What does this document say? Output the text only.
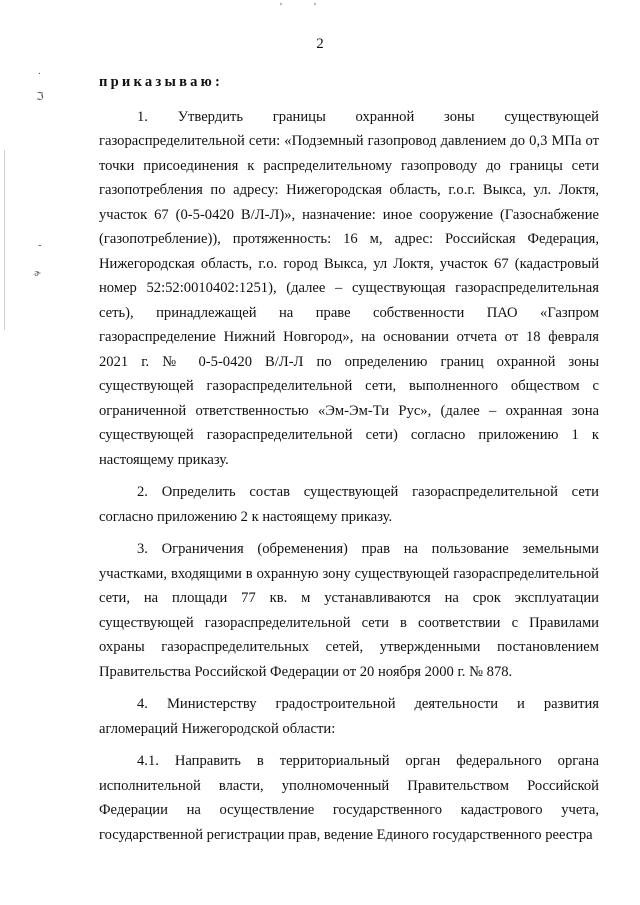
2
'	'
.
ℑ
-
ɚ
приказываю:

1. Утвердить границы охранной зоны существующей газораспределительной сети: «Подземный газопровод давлением до 0,3 МПа от точки присоединения к распределительному газопроводу до границы сети газопотребления по адресу: Нижегородская область, г.о.г. Выкса, ул. Локтя, участок 67 (0-5-0420 В/Л-Л)», назначение: иное сооружение (Газоснабжение (газопотребление)), протяженность: 16 м, адрес: Российская Федерация, Нижегородская область, г.о. город Выкса, ул Локтя, участок 67 (кадастровый номер 52:52:0010402:1251), (далее – существующая газораспределительная сеть), принадлежащей на праве собственности ПАО «Газпром газораспределение Нижний Новгород», на основании отчета от 18 февраля 2021 г. № 0-5-0420 В/Л-Л по определению границ охранной зоны существующей газораспределительной сети, выполненного обществом с ограниченной ответственностью «Эм-Эм-Ти Рус», (далее – охранная зона существующей газораспределительной сети) согласно приложению 1 к настоящему приказу.

2. Определить состав существующей газораспределительной сети согласно приложению 2 к настоящему приказу.

3. Ограничения (обременения) прав на пользование земельными участками, входящими в охранную зону существующей газораспределительной сети, на площади 77 кв. м устанавливаются на срок эксплуатации существующей газораспределительной сети в соответствии с Правилами охраны газораспределительных сетей, утвержденными постановлением Правительства Российской Федерации от 20 ноября 2000 г. № 878.

4. Министерству градостроительной деятельности и развития агломераций Нижегородской области:

4.1. Направить в территориальный орган федерального органа исполнительной власти, уполномоченный Правительством Российской Федерации на осуществление государственного кадастрового учета, государственной регистрации прав, ведение Единого государственного реестра
